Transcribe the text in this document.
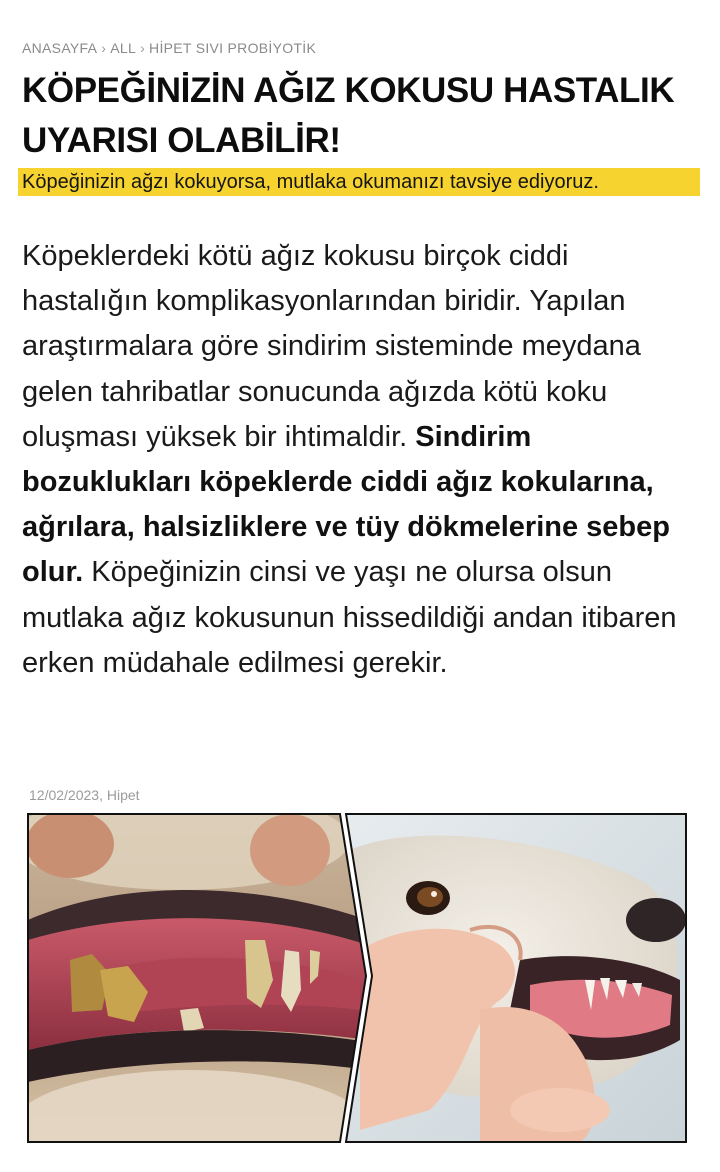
ANASAYFA › ALL › HİPET SIVI PROBİYOTİK
KÖPEĞİNİZİN AĞIZ KOKUSU HASTALIK UYARISI OLABİLİR!
Köpeğinizin ağzı kokuyorsa, mutlaka okumanızı tavsiye ediyoruz.

Köpeklerdeki kötü ağız kokusu birçok ciddi hastalığın komplikasyonlarından biridir. Yapılan araştırmalara göre sindirim sisteminde meydana gelen tahribatlar sonucunda ağızda kötü koku oluşması yüksek bir ihtimaldir. Sindirim bozuklukları köpeklerde ciddi ağız kokularına, ağrılara, halsizliklere ve tüy dökmelerine sebep olur. Köpeğinizin cinsi ve yaşı ne olursa olsun mutlaka ağız kokusunun hissedildiği andan itibaren erken müdahale edilmesi gerekir.

12/02/2023, Hipet
